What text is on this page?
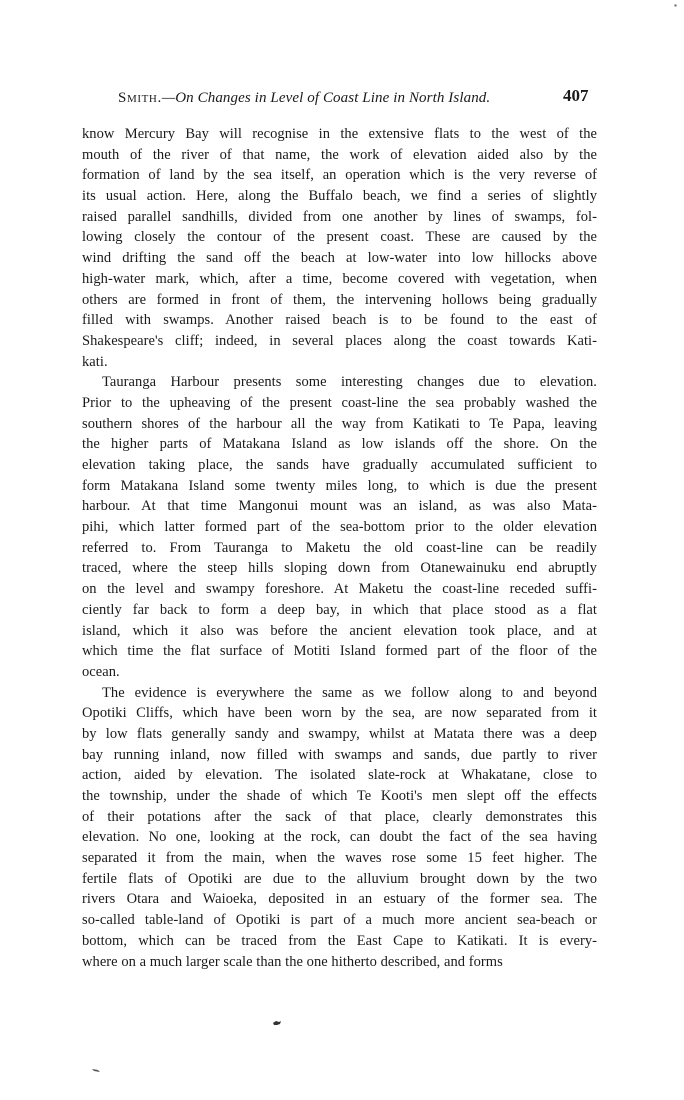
Smith.—On Changes in Level of Coast Line in North Island.	407
know Mercury Bay will recognise in the extensive flats to the west of the
mouth of the river of that name, the work of elevation aided also by the
formation of land by the sea itself, an operation which is the very reverse of
its usual action. Here, along the Buffalo beach, we find a series of slightly
raised parallel sandhills, divided from one another by lines of swamps, fol-
lowing closely the contour of the present coast. These are caused by the
wind drifting the sand off the beach at low-water into low hillocks above
high-water mark, which, after a time, become covered with vegetation, when
others are formed in front of them, the intervening hollows being gradually
filled with swamps. Another raised beach is to be found to the east of
Shakespeare's cliff; indeed, in several places along the coast towards Kati-
kati.
Tauranga Harbour presents some interesting changes due to elevation.
Prior to the upheaving of the present coast-line the sea probably washed the
southern shores of the harbour all the way from Katikati to Te Papa, leaving
the higher parts of Matakana Island as low islands off the shore. On the
elevation taking place, the sands have gradually accumulated sufficient to
form Matakana Island some twenty miles long, to which is due the present
harbour. At that time Mangonui mount was an island, as was also Mata-
pihi, which latter formed part of the sea-bottom prior to the older elevation
referred to. From Tauranga to Maketu the old coast-line can be readily
traced, where the steep hills sloping down from Otanewainuku end abruptly
on the level and swampy foreshore. At Maketu the coast-line receded suffi-
ciently far back to form a deep bay, in which that place stood as a flat
island, which it also was before the ancient elevation took place, and at
which time the flat surface of Motiti Island formed part of the floor of the
ocean.
The evidence is everywhere the same as we follow along to and beyond
Opotiki Cliffs, which have been worn by the sea, are now separated from it
by low flats generally sandy and swampy, whilst at Matata there was a deep
bay running inland, now filled with swamps and sands, due partly to river
action, aided by elevation. The isolated slate-rock at Whakatane, close to
the township, under the shade of which Te Kooti's men slept off the effects
of their potations after the sack of that place, clearly demonstrates this
elevation. No one, looking at the rock, can doubt the fact of the sea having
separated it from the main, when the waves rose some 15 feet higher. The
fertile flats of Opotiki are due to the alluvium brought down by the two
rivers Otara and Waioeka, deposited in an estuary of the former sea. The
so-called table-land of Opotiki is part of a much more ancient sea-beach or
bottom, which can be traced from the East Cape to Katikati. It is every-
where on a much larger scale than the one hitherto described, and forms
